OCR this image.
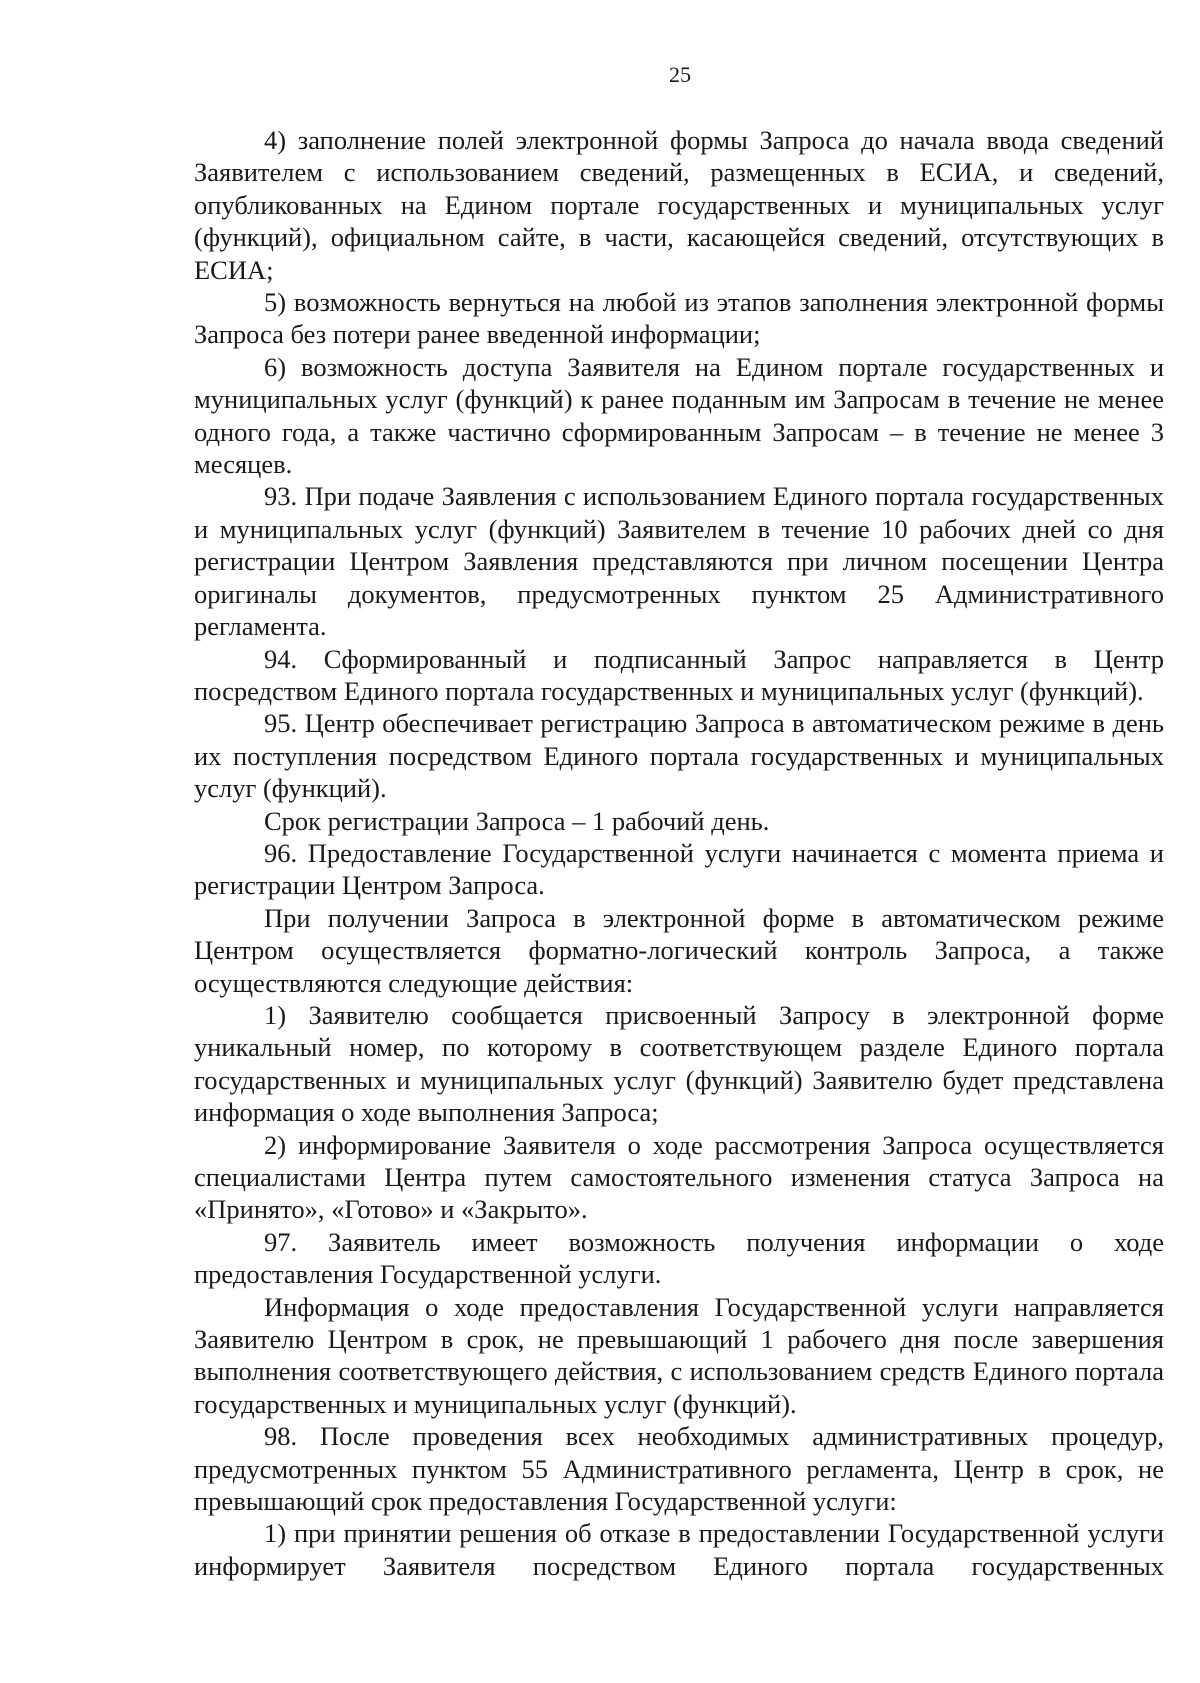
25

4) заполнение полей электронной формы Запроса до начала ввода сведений Заявителем с использованием сведений, размещенных в ЕСИА, и сведений, опубликованных на Едином портале государственных и муниципальных услуг (функций), официальном сайте, в части, касающейся сведений, отсутствующих в ЕСИА;

5) возможность вернуться на любой из этапов заполнения электронной формы Запроса без потери ранее введенной информации;

6) возможность доступа Заявителя на Едином портале государственных и муниципальных услуг (функций) к ранее поданным им Запросам в течение не менее одного года, а также частично сформированным Запросам – в течение не менее 3 месяцев.

93. При подаче Заявления с использованием Единого портала государственных и муниципальных услуг (функций) Заявителем в течение 10 рабочих дней со дня регистрации Центром Заявления представляются при личном посещении Центра оригиналы документов, предусмотренных пунктом 25 Административного регламента.

94. Сформированный и подписанный Запрос направляется в Центр посредством Единого портала государственных и муниципальных услуг (функций).

95. Центр обеспечивает регистрацию Запроса в автоматическом режиме в день их поступления посредством Единого портала государственных и муниципальных услуг (функций).

Срок регистрации Запроса – 1 рабочий день.

96. Предоставление Государственной услуги начинается с момента приема и регистрации Центром Запроса.

При получении Запроса в электронной форме в автоматическом режиме Центром осуществляется форматно-логический контроль Запроса, а также осуществляются следующие действия:

1) Заявителю сообщается присвоенный Запросу в электронной форме уникальный номер, по которому в соответствующем разделе Единого портала государственных и муниципальных услуг (функций) Заявителю будет представлена информация о ходе выполнения Запроса;

2) информирование Заявителя о ходе рассмотрения Запроса осуществляется специалистами Центра путем самостоятельного изменения статуса Запроса на «Принято», «Готово» и «Закрыто».

97. Заявитель имеет возможность получения информации о ходе предоставления Государственной услуги.

Информация о ходе предоставления Государственной услуги направляется Заявителю Центром в срок, не превышающий 1 рабочего дня после завершения выполнения соответствующего действия, с использованием средств Единого портала государственных и муниципальных услуг (функций).

98. После проведения всех необходимых административных процедур, предусмотренных пунктом 55 Административного регламента, Центр в срок, не превышающий срок предоставления Государственной услуги:

1) при принятии решения об отказе в предоставлении Государственной услуги информирует Заявителя посредством Единого портала государственных
